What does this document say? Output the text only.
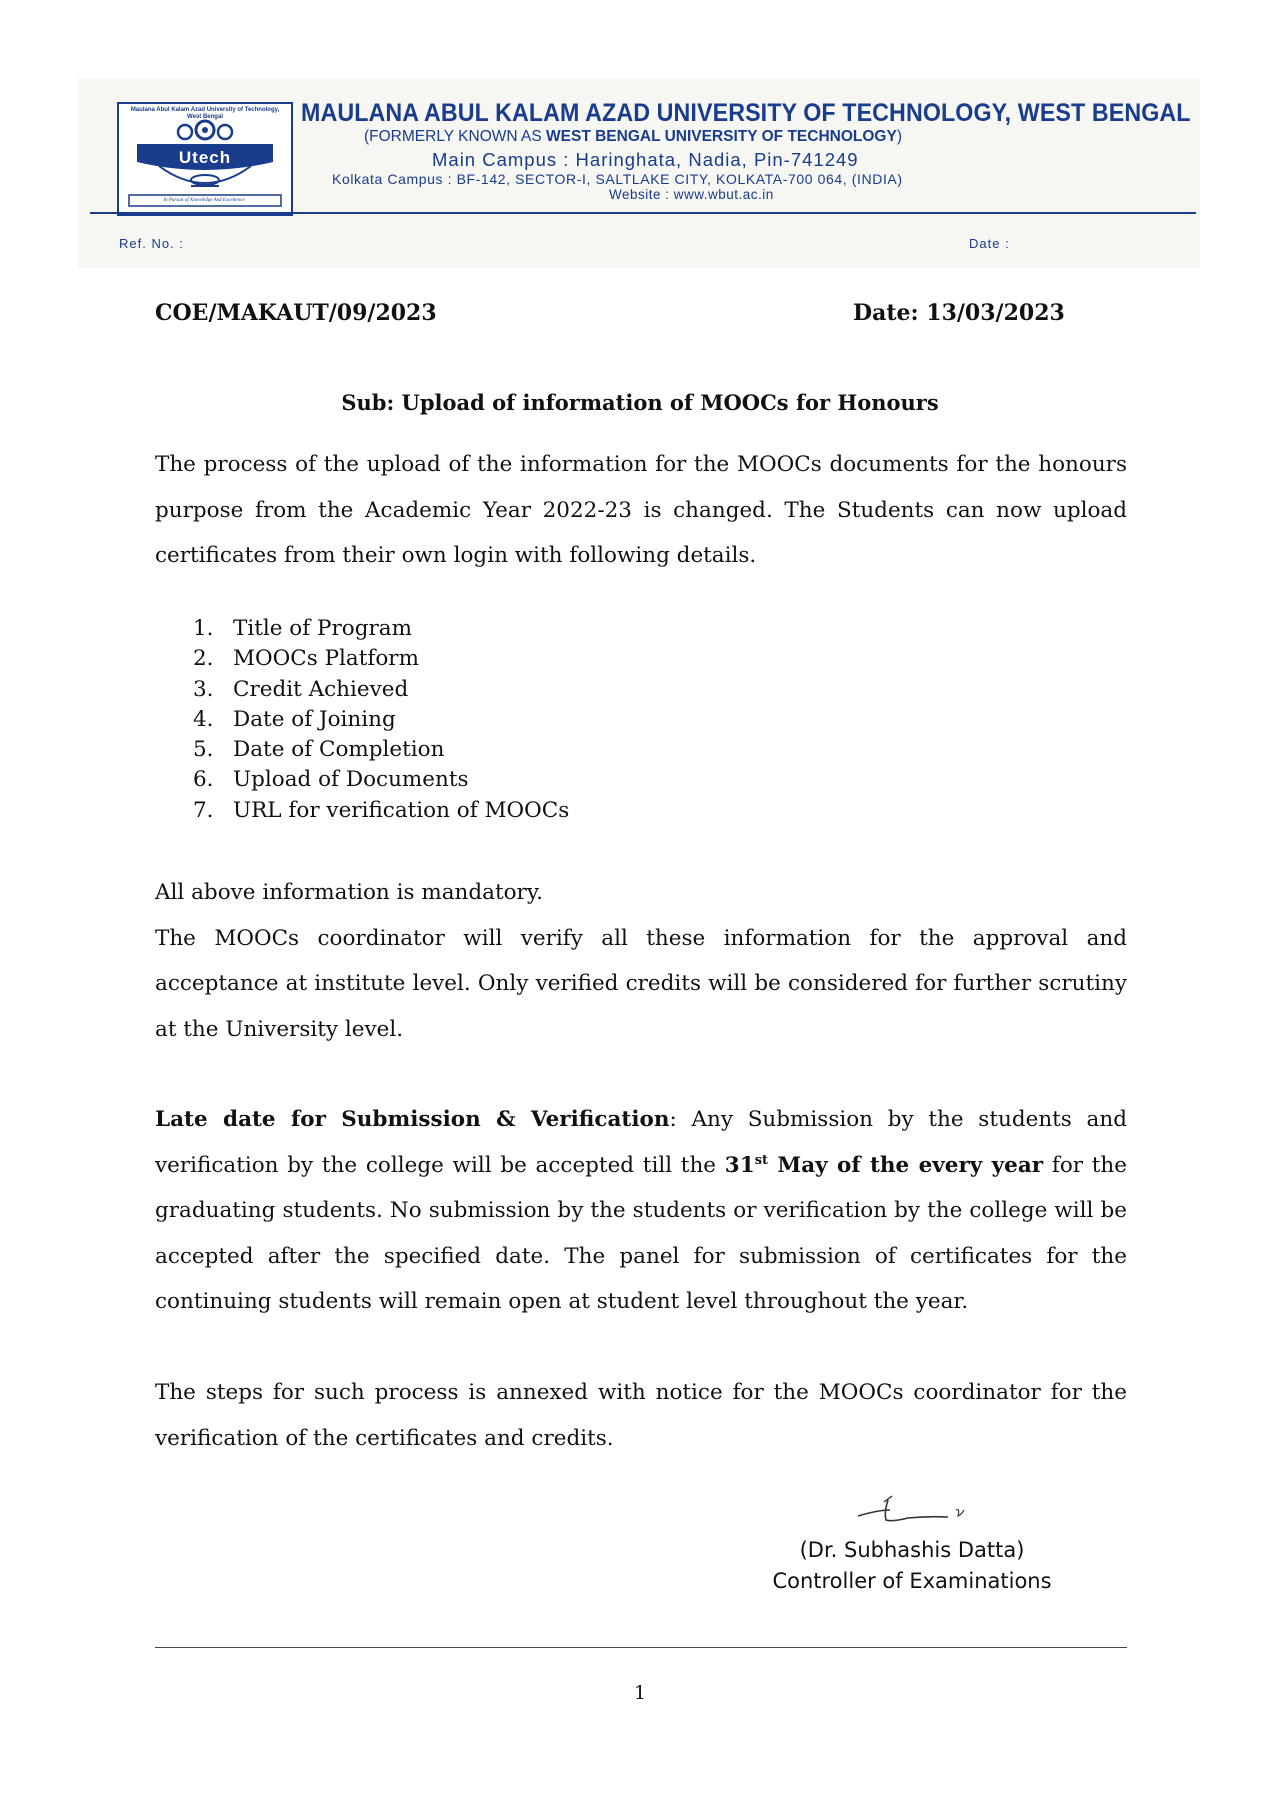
Maulana Abul Kalam Azad University of Technology, West Bengal
Utech
In Pursuit of Knowledge And Excellence
MAULANA ABUL KALAM AZAD UNIVERSITY OF TECHNOLOGY, WEST BENGAL
(FORMERLY KNOWN AS WEST BENGAL UNIVERSITY OF TECHNOLOGY)
Main Campus : Haringhata, Nadia, Pin-741249
Kolkata Campus : BF-142, SECTOR-I, SALTLAKE CITY, KOLKATA-700 064, (INDIA)
Website : www.wbut.ac.in
Ref. No. :	Date :
COE/MAKAUT/09/2023	Date: 13/03/2023
Sub: Upload of information of MOOCs for Honours

The process of the upload of the information for the MOOCs documents for the honours purpose from the Academic Year 2022-23 is changed. The Students can now upload certificates from their own login with following details.

1. Title of Program
2. MOOCs Platform
3. Credit Achieved
4. Date of Joining
5. Date of Completion
6. Upload of Documents
7. URL for verification of MOOCs
All above information is mandatory.
The MOOCs coordinator will verify all these information for the approval and acceptance at institute level. Only verified credits will be considered for further scrutiny at the University level.

Late date for Submission & Verification: Any Submission by the students and verification by the college will be accepted till the 31st May of the every year for the graduating students. No submission by the students or verification by the college will be accepted after the specified date. The panel for submission of certificates for the continuing students will remain open at student level throughout the year.

The steps for such process is annexed with notice for the MOOCs coordinator for the verification of the certificates and credits.

(Dr. Subhashis Datta)
Controller of Examinations
1
